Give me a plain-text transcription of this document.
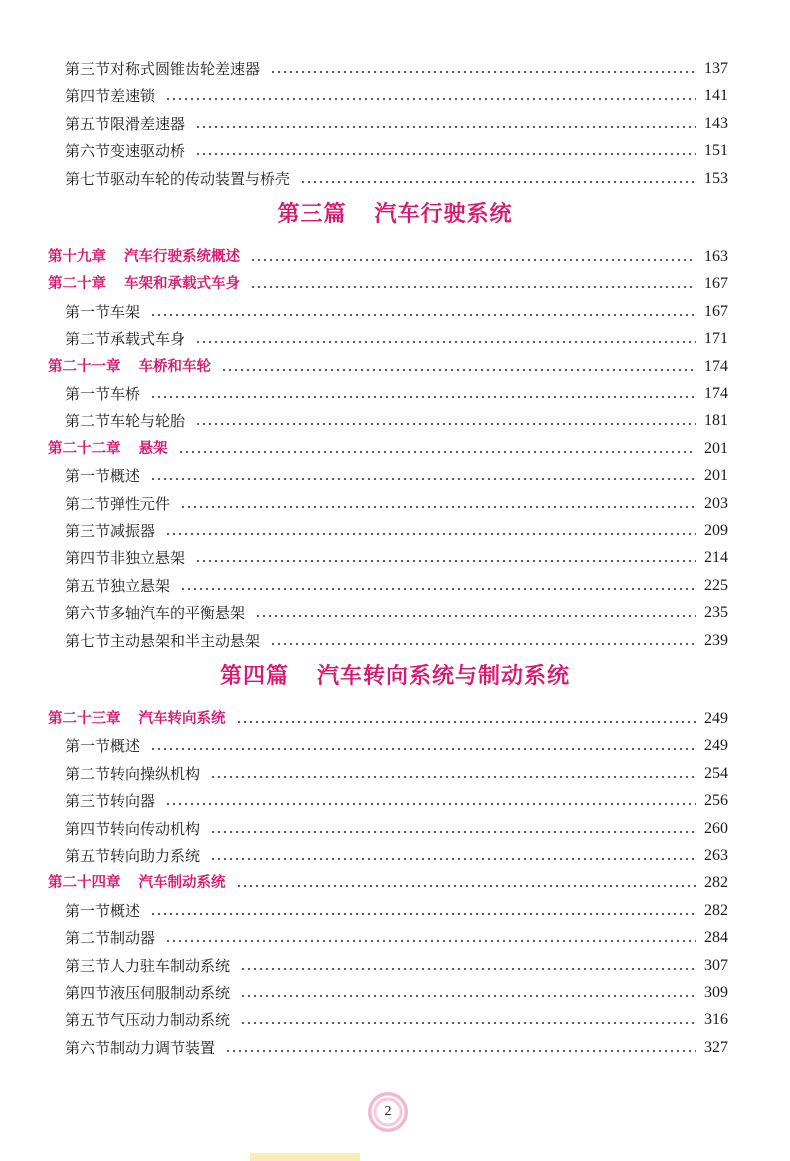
第三节对称式圆锥齿轮差速器	137
第四节差速锁	141
第五节限滑差速器	143
第六节变速驱动桥	151
第七节驱动车轮的传动装置与桥壳	153
第三篇 汽车行驶系统
第十九章 汽车行驶系统概述	163
第二十章 车架和承载式车身	167
第一节车架	167
第二节承载式车身	171
第二十一章 车桥和车轮	174
第一节车桥	174
第二节车轮与轮胎	181
第二十二章 悬架	201
第一节概述	201
第二节弹性元件	203
第三节减振器	209
第四节非独立悬架	214
第五节独立悬架	225
第六节多轴汽车的平衡悬架	235
第七节主动悬架和半主动悬架	239
第四篇 汽车转向系统与制动系统
第二十三章 汽车转向系统	249
第一节概述	249
第二节转向操纵机构	254
第三节转向器	256
第四节转向传动机构	260
第五节转向助力系统	263
第二十四章 汽车制动系统	282
第一节概述	282
第二节制动器	284
第三节人力驻车制动系统	307
第四节液压伺服制动系统	309
第五节气压动力制动系统	316
第六节制动力调节装置	327
2
